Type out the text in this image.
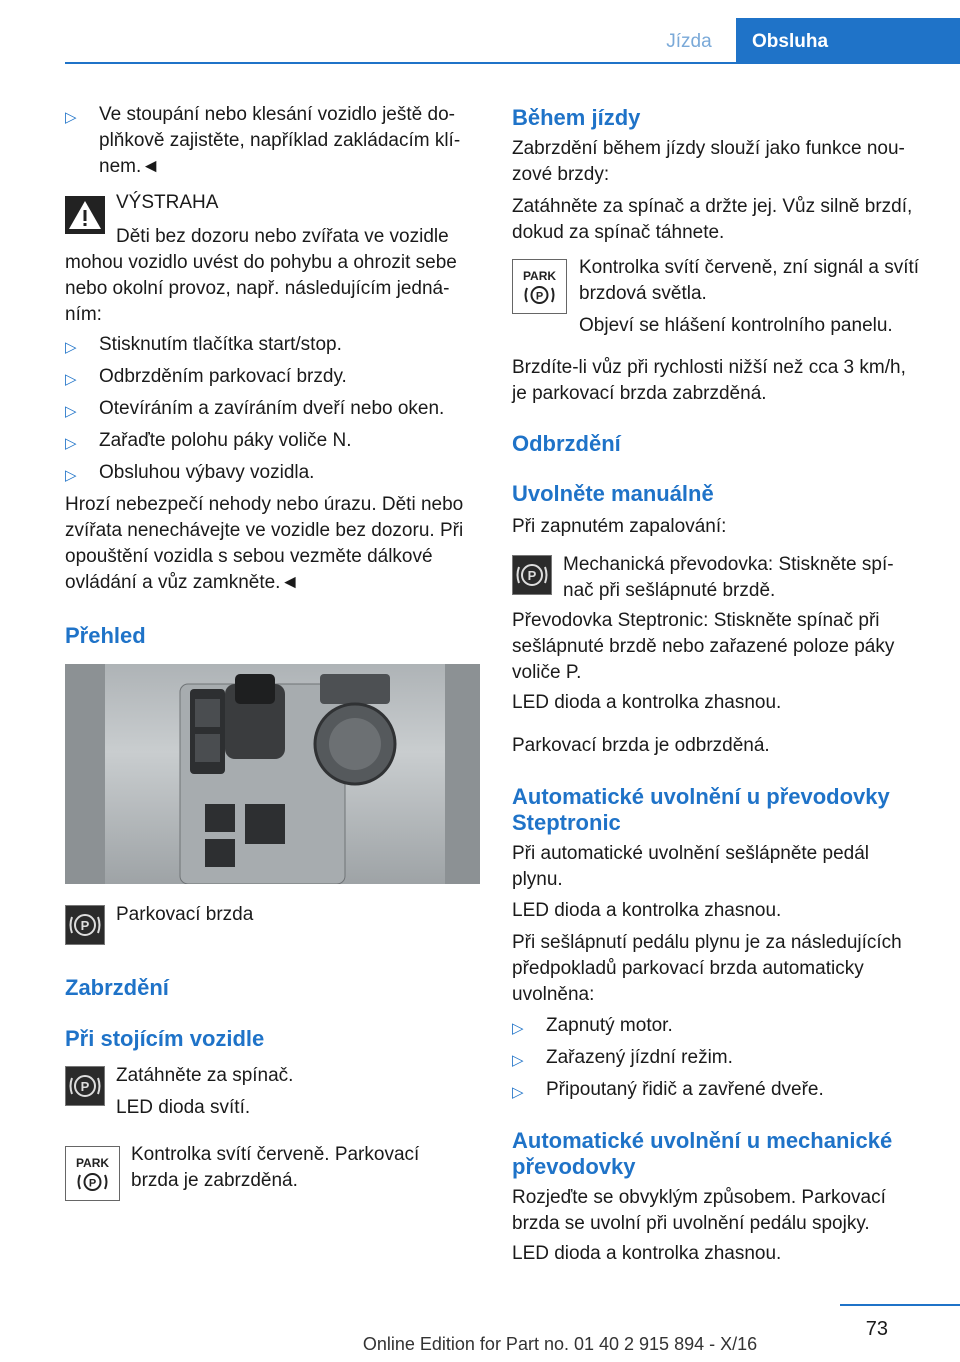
Jízda	Obsluha
▷ Ve stoupání nebo klesání vozidlo ještě do-
plňkově zajistěte, například zakládacím klí-
nem.◄

VÝSTRAHA

Děti bez dozoru nebo zvířata ve vozidle

mohou vozidlo uvést do pohybu a ohrozit sebe
nebo okolní provoz, např. následujícím jedná-
ním:

▷ Stisknutím tlačítka start/stop.

▷ Odbrzděním parkovací brzdy.

▷ Otevíráním a zavíráním dveří nebo oken.

▷ Zařaďte polohu páky voliče N.

▷ Obsluhou výbavy vozidla.

Hrozí nebezpečí nehody nebo úrazu. Děti nebo
zvířata nenechávejte ve vozidle bez dozoru. Při
opouštění vozidla s sebou vezměte dálkové
ovládání a vůz zamkněte.◄

Přehled
P

Parkovací brzda

Zabrzdění
Při stojícím vozidle
P

Zatáhněte za spínač.

LED dioda svítí.

PARK
P

Kontrolka svítí červeně. Parkovací
brzda je zabrzděná.

Během jízdy

Zabrzdění během jízdy slouží jako funkce nou-
zové brzdy:

Zatáhněte za spínač a držte jej. Vůz silně brzdí,
dokud za spínač táhnete.

PARK
P

Kontrolka svítí červeně, zní signál a svítí
brzdová světla.

Objeví se hlášení kontrolního panelu.

Brzdíte-li vůz při rychlosti nižší než cca 3 km/h,
je parkovací brzda zabrzděná.

Odbrzdění
Uvolněte manuálně

Při zapnutém zapalování:

P

Mechanická převodovka: Stiskněte spí-
nač při sešlápnuté brzdě.

Převodovka Steptronic: Stiskněte spínač při
sešlápnuté brzdě nebo zařazené poloze páky
voliče P.

LED dioda a kontrolka zhasnou.

Parkovací brzda je odbrzděná.

Automatické uvolnění u převodovky
Steptronic

Při automatické uvolnění sešlápněte pedál
plynu.

LED dioda a kontrolka zhasnou.

Při sešlápnutí pedálu plynu je za následujících
předpokladů parkovací brzda automaticky
uvolněna:

▷ Zapnutý motor.

▷ Zařazený jízdní režim.

▷ Připoutaný řidič a zavřené dveře.

Automatické uvolnění u mechanické
převodovky

Rozjeďte se obvyklým způsobem. Parkovací
brzda se uvolní při uvolnění pedálu spojky.

LED dioda a kontrolka zhasnou.

73
Online Edition for Part no. 01 40 2 915 894 - X/16
